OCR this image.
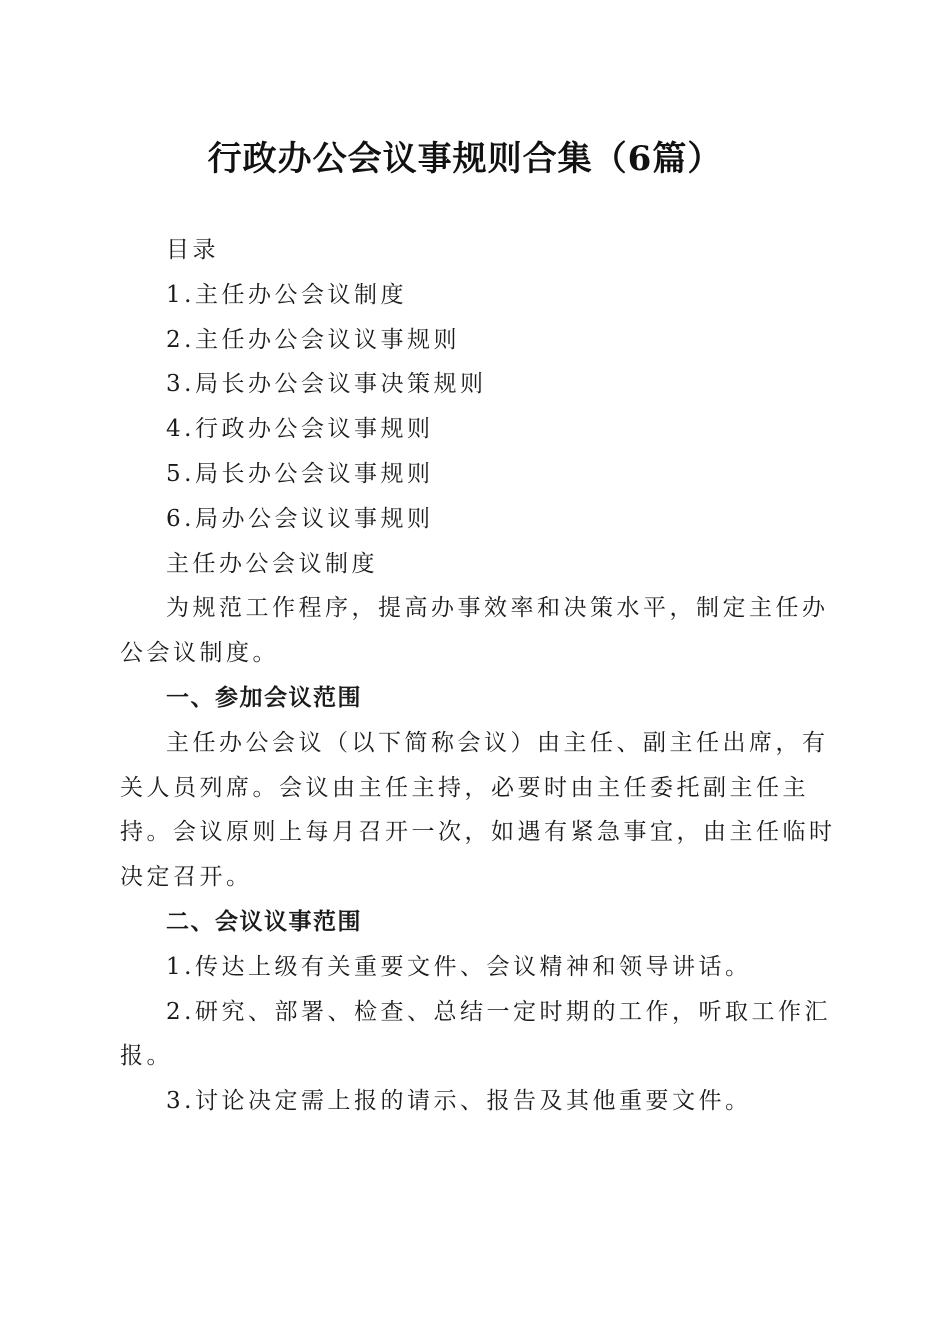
行政办公会议事规则合集（6篇）

目录

1.主任办公会议制度

2.主任办公会议议事规则

3.局长办公会议事决策规则

4.行政办公会议事规则

5.局长办公会议事规则

6.局办公会议议事规则

主任办公会议制度

为规范工作程序，提高办事效率和决策水平，制定主任办公会议制度。

一、参加会议范围

主任办公会议（以下简称会议）由主任、副主任出席，有关人员列席。会议由主任主持，必要时由主任委托副主任主持。会议原则上每月召开一次，如遇有紧急事宜，由主任临时决定召开。

二、会议议事范围

1.传达上级有关重要文件、会议精神和领导讲话。

2.研究、部署、检查、总结一定时期的工作，听取工作汇报。

3.讨论决定需上报的请示、报告及其他重要文件。
